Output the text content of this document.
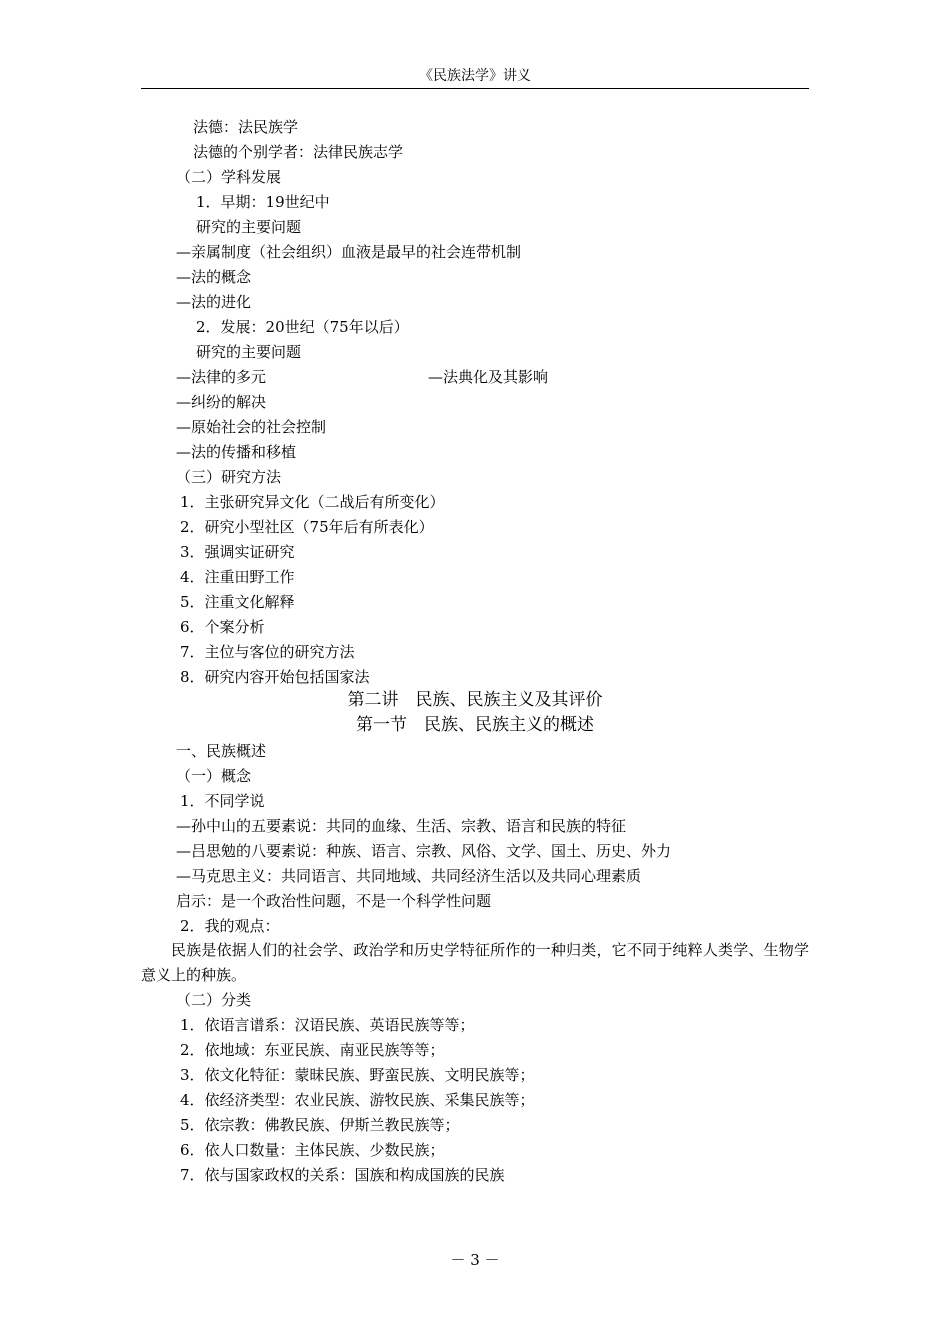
《民族法学》讲义
法德：法民族学
法德的个别学者：法律民族志学
（二）学科发展
1．早期：19世纪中
研究的主要问题
—亲属制度（社会组织）血液是最早的社会连带机制
—法的概念
—法的进化
2．发展：20世纪（75年以后）
研究的主要问题
—法律的多元	—法典化及其影响
—纠纷的解决
—原始社会的社会控制
—法的传播和移植
（三）研究方法
1．主张研究异文化（二战后有所变化）
2．研究小型社区（75年后有所表化）
3．强调实证研究
4．注重田野工作
5．注重文化解释
6．个案分析
7．主位与客位的研究方法
8．研究内容开始包括国家法
第二讲　民族、民族主义及其评价
第一节　民族、民族主义的概述
一、民族概述
（一）概念
1．不同学说
—孙中山的五要素说：共同的血缘、生活、宗教、语言和民族的特征
—吕思勉的八要素说：种族、语言、宗教、风俗、文学、国土、历史、外力
—马克思主义：共同语言、共同地域、共同经济生活以及共同心理素质
启示：是一个政治性问题，不是一个科学性问题
2．我的观点：
民族是依据人们的社会学、政治学和历史学特征所作的一种归类，它不同于纯粹人类学、生物学意义上的种族。
（二）分类
1．依语言谱系：汉语民族、英语民族等等；
2．依地域：东亚民族、南亚民族等等；
3．依文化特征：蒙昧民族、野蛮民族、文明民族等；
4．依经济类型：农业民族、游牧民族、采集民族等；
5．依宗教：佛教民族、伊斯兰教民族等；
6．依人口数量：主体民族、少数民族；
7．依与国家政权的关系：国族和构成国族的民族
－ 3 －
